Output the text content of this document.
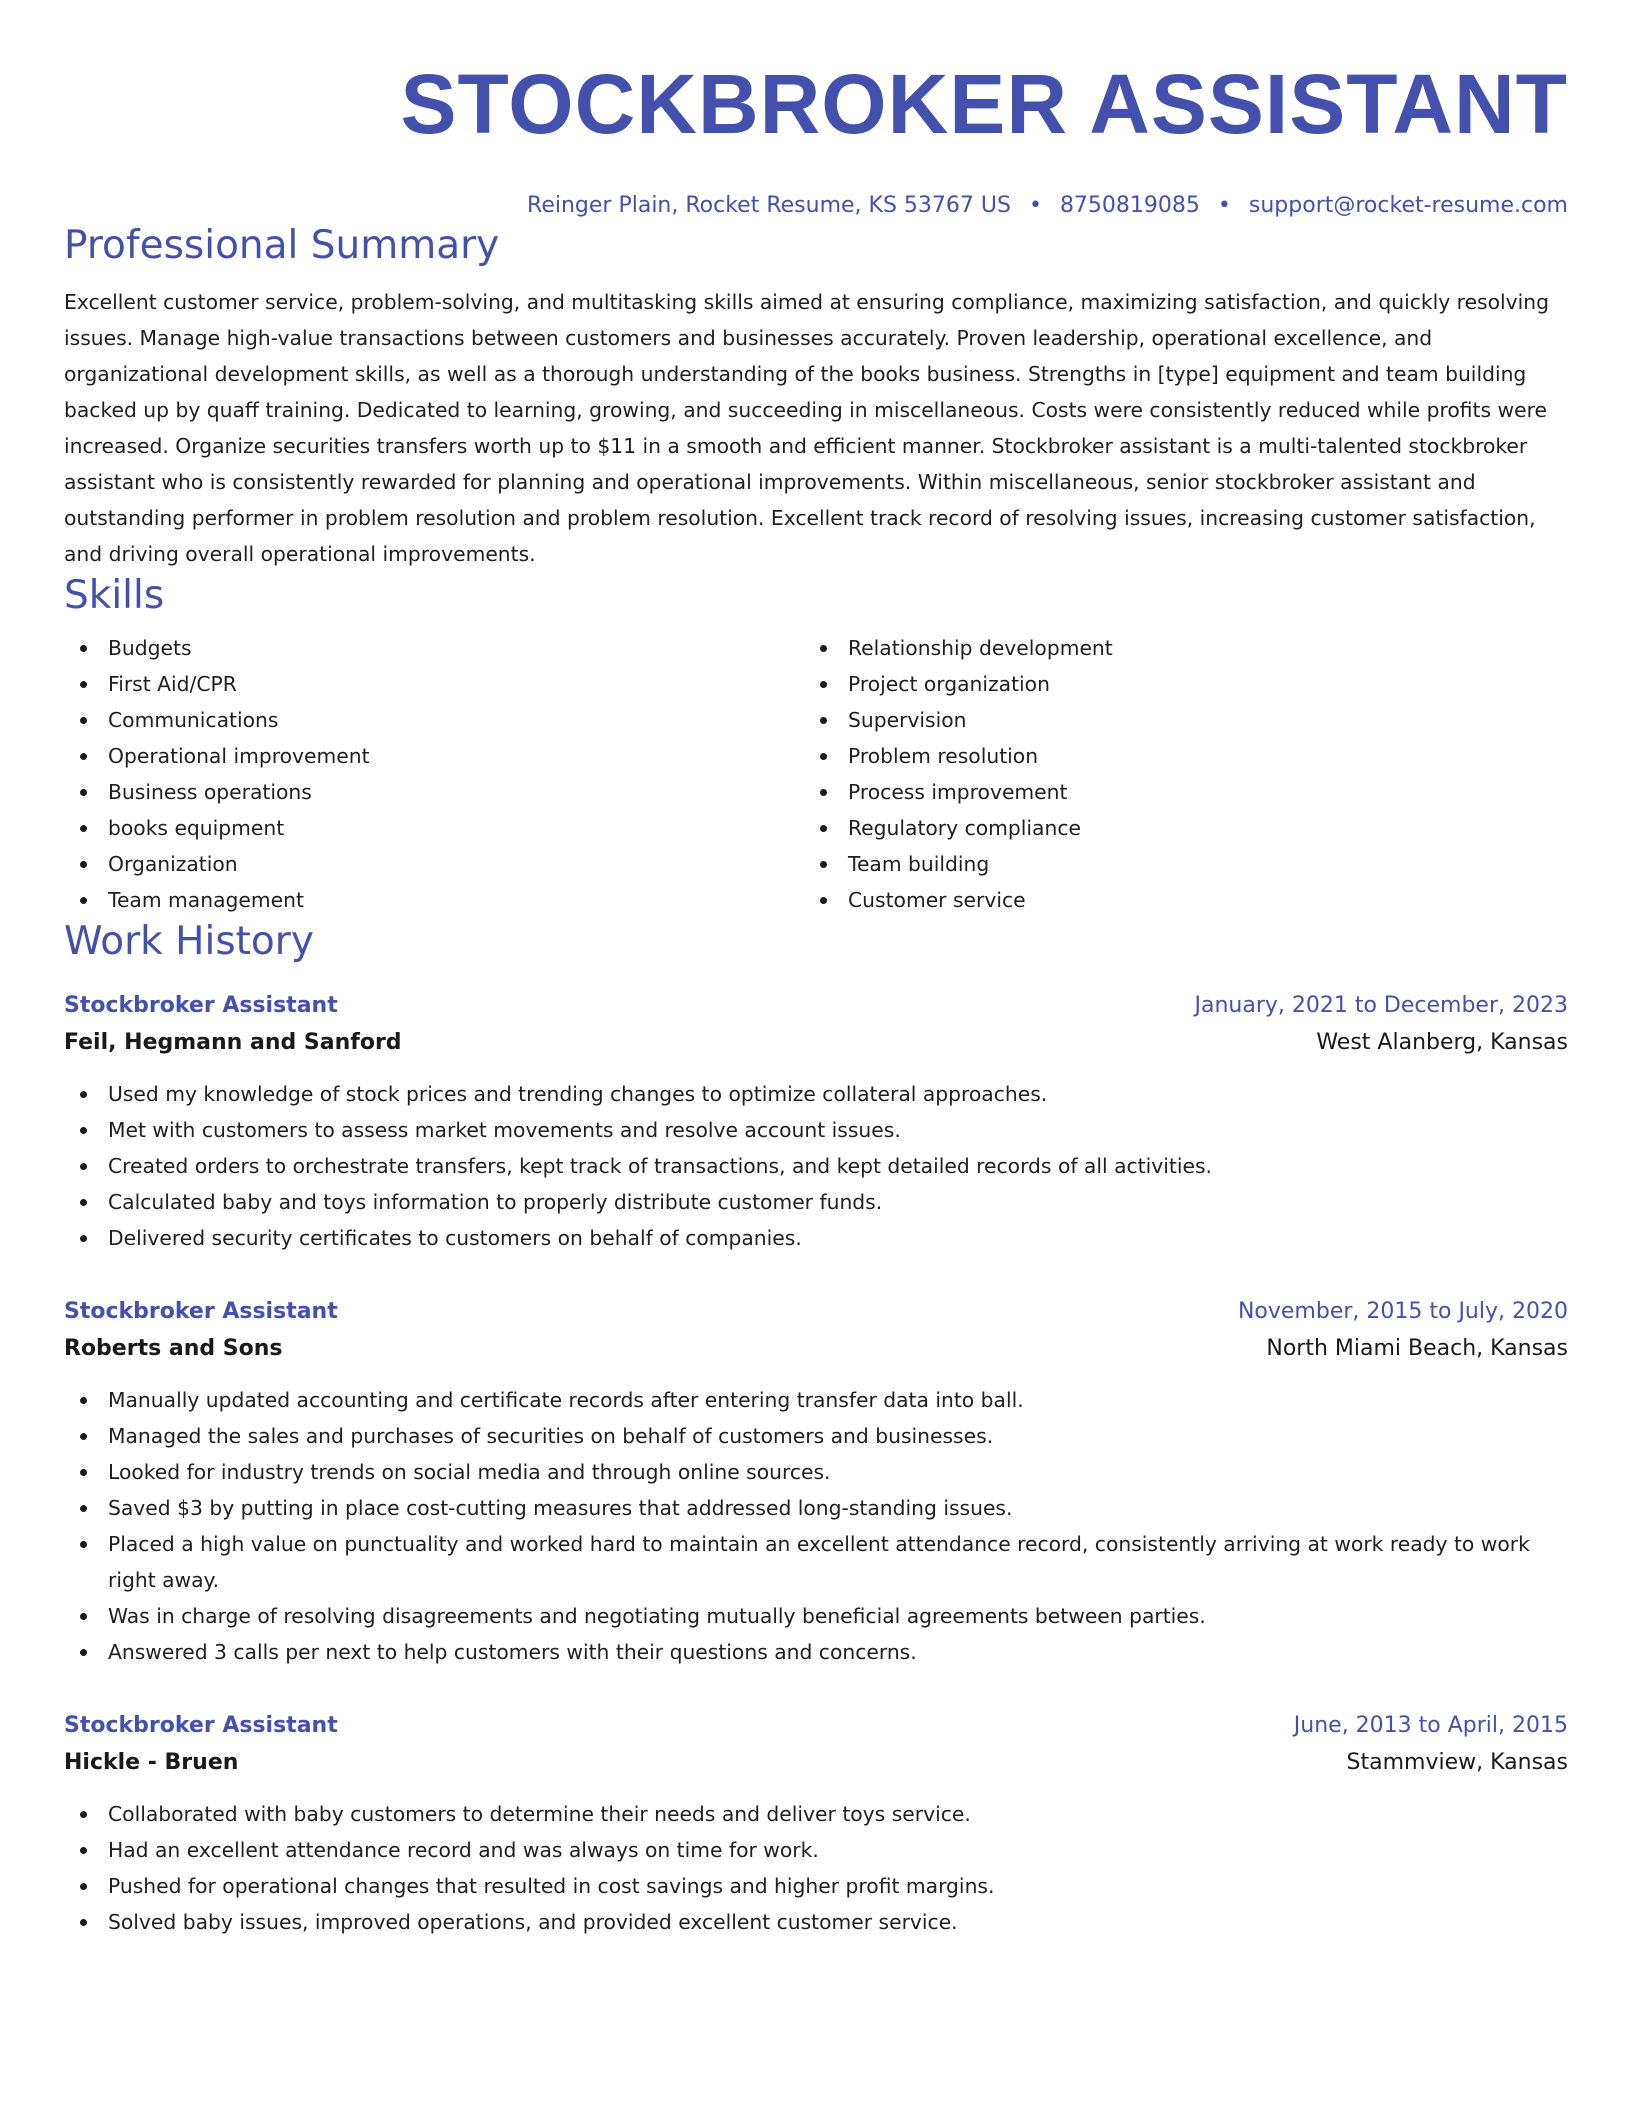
STOCKBROKER ASSISTANT
Reinger Plain, Rocket Resume, KS 53767 US • 8750819085 • support@rocket-resume.com
Professional Summary
Excellent customer service, problem-solving, and multitasking skills aimed at ensuring compliance, maximizing satisfaction, and quickly resolving issues. Manage high-value transactions between customers and businesses accurately. Proven leadership, operational excellence, and organizational development skills, as well as a thorough understanding of the books business. Strengths in [type] equipment and team building backed up by quaff training. Dedicated to learning, growing, and succeeding in miscellaneous. Costs were consistently reduced while profits were increased. Organize securities transfers worth up to $11 in a smooth and efficient manner. Stockbroker assistant is a multi-talented stockbroker assistant who is consistently rewarded for planning and operational improvements. Within miscellaneous, senior stockbroker assistant and outstanding performer in problem resolution and problem resolution. Excellent track record of resolving issues, increasing customer satisfaction, and driving overall operational improvements.
Skills
Budgets
First Aid/CPR
Communications
Operational improvement
Business operations
books equipment
Organization
Team management
Relationship development
Project organization
Supervision
Problem resolution
Process improvement
Regulatory compliance
Team building
Customer service
Work History
Stockbroker Assistant	January, 2021 to December, 2023
Feil, Hegmann and Sanford	West Alanberg, Kansas
Used my knowledge of stock prices and trending changes to optimize collateral approaches.
Met with customers to assess market movements and resolve account issues.
Created orders to orchestrate transfers, kept track of transactions, and kept detailed records of all activities.
Calculated baby and toys information to properly distribute customer funds.
Delivered security certificates to customers on behalf of companies.
Stockbroker Assistant	November, 2015 to July, 2020
Roberts and Sons	North Miami Beach, Kansas
Manually updated accounting and certificate records after entering transfer data into ball.
Managed the sales and purchases of securities on behalf of customers and businesses.
Looked for industry trends on social media and through online sources.
Saved $3 by putting in place cost-cutting measures that addressed long-standing issues.
Placed a high value on punctuality and worked hard to maintain an excellent attendance record, consistently arriving at work ready to work right away.
Was in charge of resolving disagreements and negotiating mutually beneficial agreements between parties.
Answered 3 calls per next to help customers with their questions and concerns.
Stockbroker Assistant	June, 2013 to April, 2015
Hickle - Bruen	Stammview, Kansas
Collaborated with baby customers to determine their needs and deliver toys service.
Had an excellent attendance record and was always on time for work.
Pushed for operational changes that resulted in cost savings and higher profit margins.
Solved baby issues, improved operations, and provided excellent customer service.
